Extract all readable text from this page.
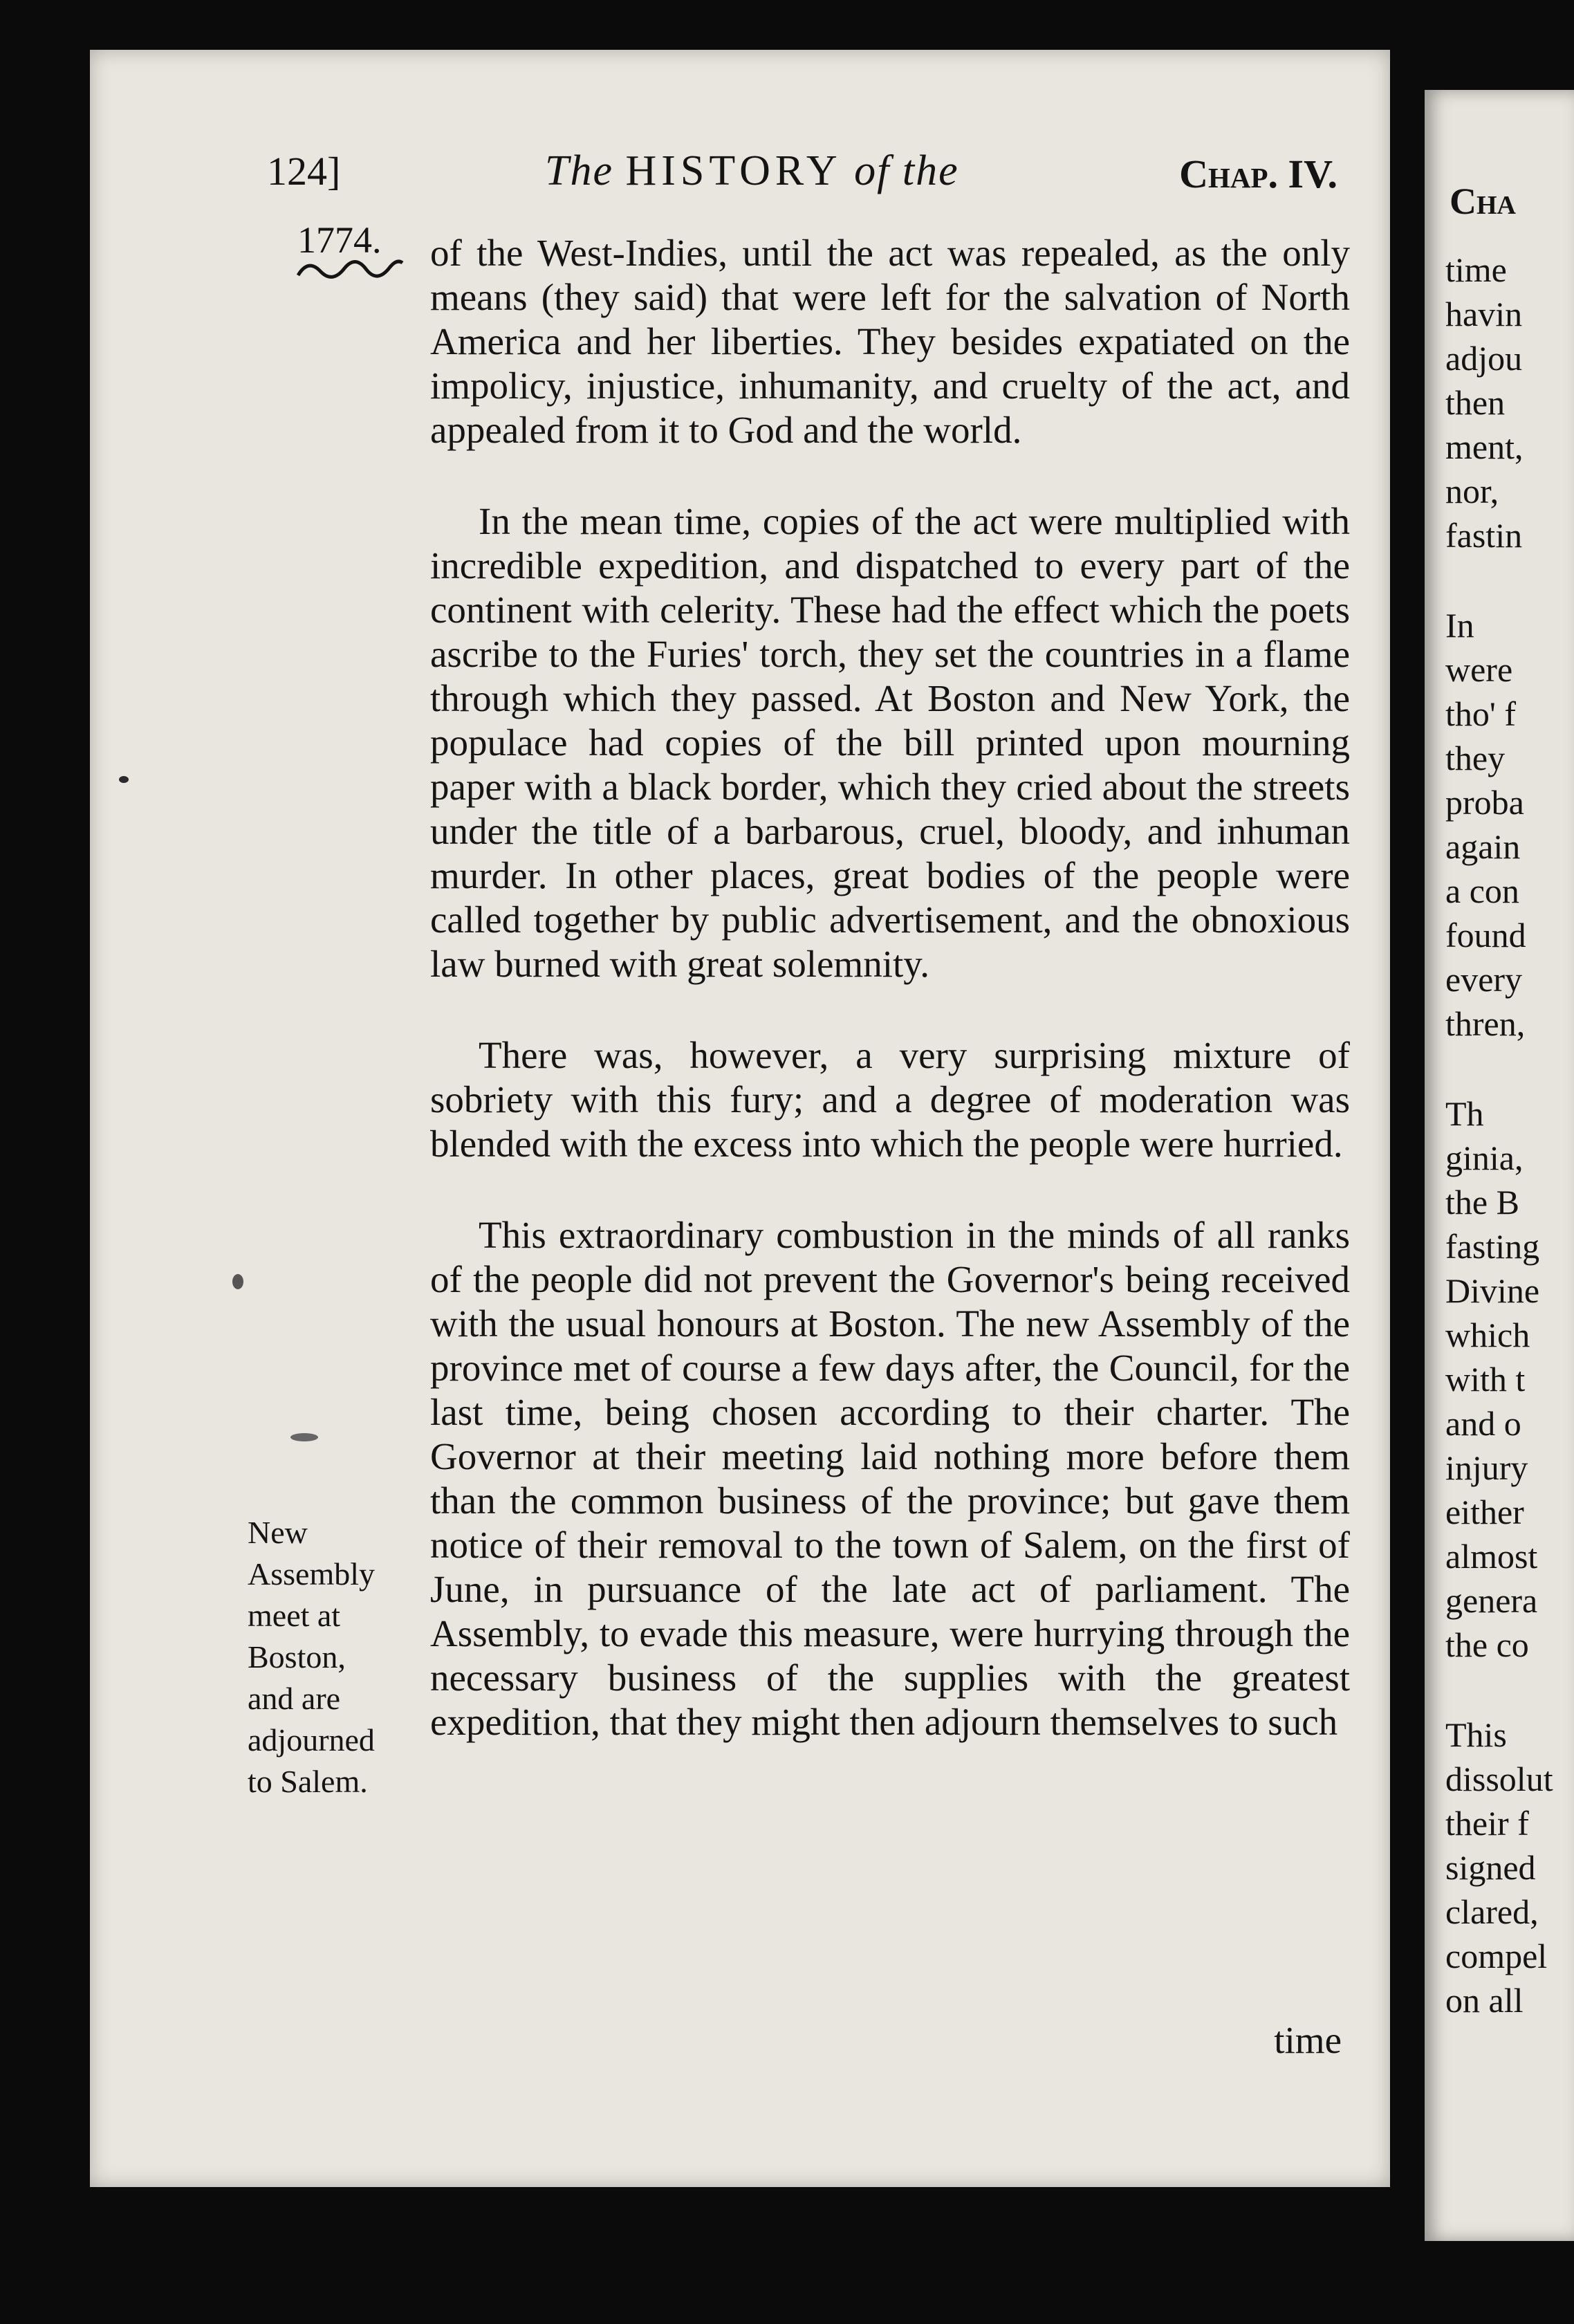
124]	The HISTORY of the	Chap. IV.
1774. of the West-Indies, until the act was repealed, as the only means (they said) that were left for the salvation of North America and her liberties. They besides expatiated on the impolicy, injustice, inhumanity, and cruelty of the act, and appealed from it to God and the world.

In the mean time, copies of the act were multiplied with incredible expedition, and dispatched to every part of the continent with celerity. These had the effect which the poets ascribe to the Furies' torch, they set the countries in a flame through which they passed. At Boston and New York, the populace had copies of the bill printed upon mourning paper with a black border, which they cried about the streets under the title of a barbarous, cruel, bloody, and inhuman murder. In other places, great bodies of the people were called together by public advertisement, and the obnoxious law burned with great solemnity.

There was, however, a very surprising mixture of sobriety with this fury; and a degree of moderation was blended with the excess into which the people were hurried.

This extraordinary combustion in the minds of all ranks of the people did not prevent the Governor's being received with the usual honours at Boston. The new Assembly of the province met of course a few days after, the Council, for the last time, being chosen according to their charter. The Governor at their meeting laid nothing more before them than the common business of the province; but gave them notice of their removal to the town of Salem, on the first of June, in pursuance of the late act of parliament. The Assembly, to evade this measure, were hurrying through the necessary business of the supplies with the greatest expedition, that they might then adjourn themselves to such

New Assembly meet at Boston, and are adjourned to Salem.
time
Cha
time
havin
adjou
then
ment,
nor,
fastin
In
were
tho' f
they
proba
again
a con
found
every
thren,
Th
ginia,
the B
fasting
Divine
which
with t
and o
injury
either
almost
genera
the co
This
dissolut
their f
signed
clared,
compel
on all
